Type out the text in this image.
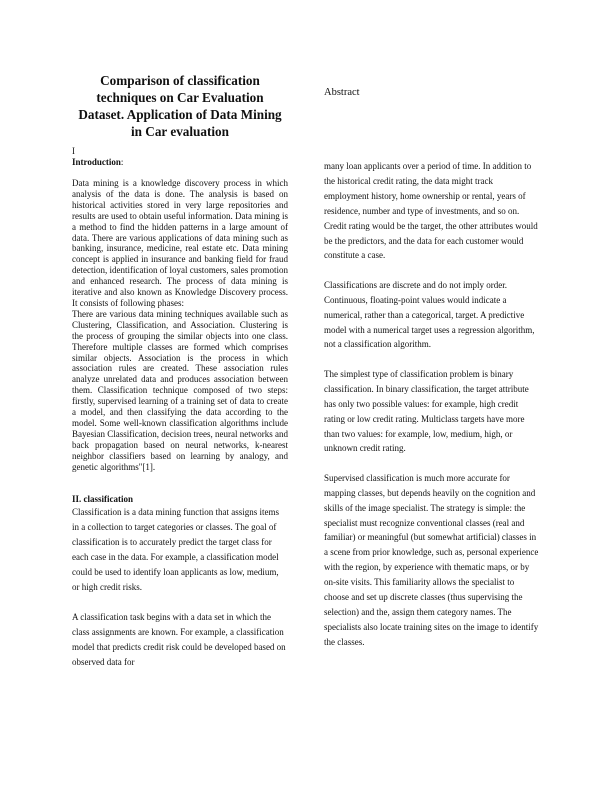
Comparison of classification techniques on Car Evaluation Dataset. Application of Data Mining in Car evaluation
I
Introduction:

Data mining is a knowledge discovery process in which analysis of the data is done. The analysis is based on historical activities stored in very large repositories and results are used to obtain useful information. Data mining is a method to find the hidden patterns in a large amount of data. There are various applications of data mining such as banking, insurance, medicine, real estate etc. Data mining concept is applied in insurance and banking field for fraud detection, identification of loyal customers, sales promotion and enhanced research. The process of data mining is iterative and also known as Knowledge Discovery process. It consists of following phases:

There are various data mining techniques available such as Clustering, Classification, and Association. Clustering is the process of grouping the similar objects into one class. Therefore multiple classes are formed which comprises similar objects. Association is the process in which association rules are created. These association rules analyze unrelated data and produces association between them. Classification technique composed of two steps: firstly, supervised learning of a training set of data to create a model, and then classifying the data according to the model. Some well-known classification algorithms include Bayesian Classification, decision trees, neural networks and back propagation based on neural networks, k-nearest neighbor classifiers based on learning by analogy, and genetic algorithms"[1].

II. classification

Classification is a data mining function that assigns items in a collection to target categories or classes. The goal of classification is to accurately predict the target class for each case in the data. For example, a classification model could be used to identify loan applicants as low, medium, or high credit risks.

A classification task begins with a data set in which the class assignments are known. For example, a classification model that predicts credit risk could be developed based on observed data for

Abstract

many loan applicants over a period of time. In addition to the historical credit rating, the data might track employment history, home ownership or rental, years of residence, number and type of investments, and so on. Credit rating would be the target, the other attributes would be the predictors, and the data for each customer would constitute a case.

Classifications are discrete and do not imply order. Continuous, floating-point values would indicate a numerical, rather than a categorical, target. A predictive model with a numerical target uses a regression algorithm, not a classification algorithm.

The simplest type of classification problem is binary classification. In binary classification, the target attribute has only two possible values: for example, high credit rating or low credit rating. Multiclass targets have more than two values: for example, low, medium, high, or unknown credit rating.

Supervised classification is much more accurate for mapping classes, but depends heavily on the cognition and skills of the image specialist. The strategy is simple: the specialist must recognize conventional classes (real and familiar) or meaningful (but somewhat artificial) classes in a scene from prior knowledge, such as, personal experience with the region, by experience with thematic maps, or by on-site visits. This familiarity allows the specialist to choose and set up discrete classes (thus supervising the selection) and the, assign them category names. The specialists also locate training sites on the image to identify the classes.
